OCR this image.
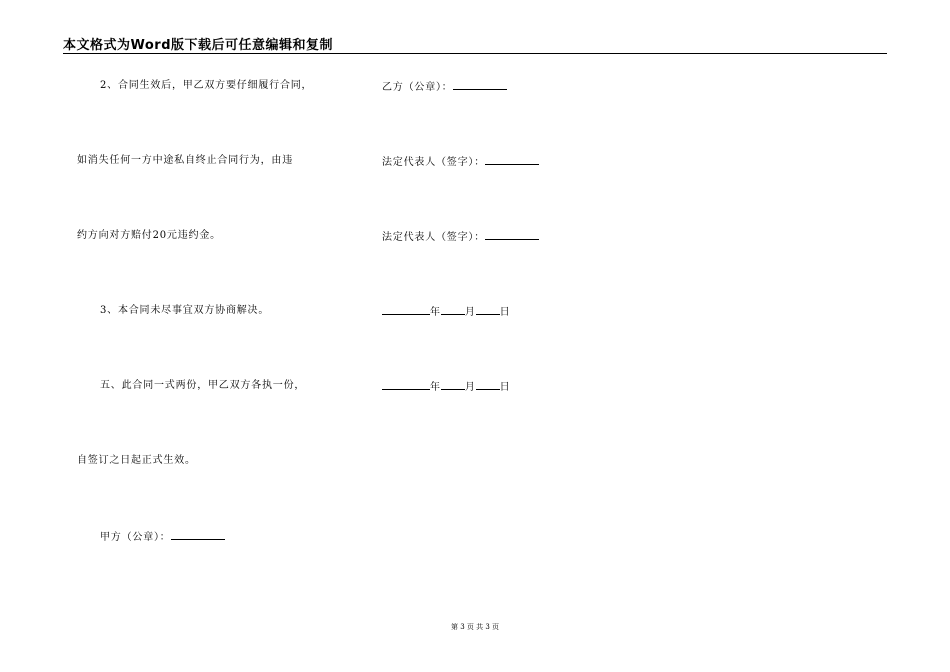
本文格式为Word版下载后可任意编辑和复制
2、合同生效后，甲乙双方要仔细履行合同，
如消失任何一方中途私自终止合同行为，由违
约方向对方赔付20元违约金。
3、本合同未尽事宜双方协商解决。
五、此合同一式两份，甲乙双方各执一份，
自签订之日起正式生效。
甲方（公章）：
乙方（公章）：
法定代表人（签字）：
法定代表人（签字）：
年 月 日
年 月 日
第 3 页 共 3 页
